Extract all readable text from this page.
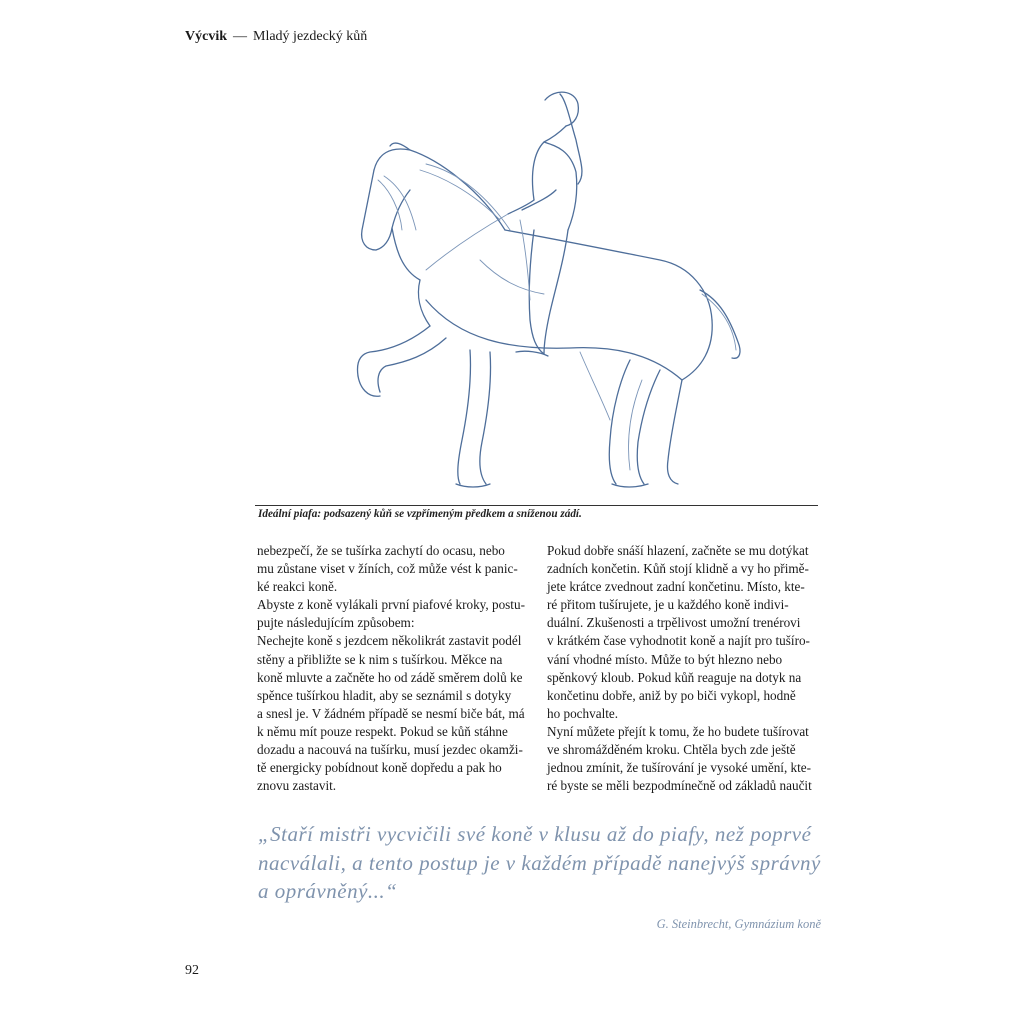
Výcvik — Mladý jezdecký kůň
Ideální piafa: podsazený kůň se vzpřímeným předkem a sníženou zádí.
nebezpečí, že se tušírka zachytí do ocasu, nebo
mu zůstane viset v žíních, což může vést k panic-
ké reakci koně.
Abyste z koně vylákali první piafové kroky, postu-
pujte následujícím způsobem:
Nechejte koně s jezdcem několikrát zastavit podél
stěny a přibližte se k nim s tušírkou. Měkce na
koně mluvte a začněte ho od zádě směrem dolů ke
spěnce tušírkou hladit, aby se seznámil s dotyky
a snesl je. V žádném případě se nesmí biče bát, má
k němu mít pouze respekt. Pokud se kůň stáhne
dozadu a nacouvá na tušírku, musí jezdec okamži-
tě energicky pobídnout koně dopředu a pak ho
znovu zastavit.
Pokud dobře snáší hlazení, začněte se mu dotýkat
zadních končetin. Kůň stojí klidně a vy ho přimě-
jete krátce zvednout zadní končetinu. Místo, kte-
ré přitom tušírujete, je u každého koně indivi-
duální. Zkušenosti a trpělivost umožní trenérovi
v krátkém čase vyhodnotit koně a najít pro tušíro-
vání vhodné místo. Může to být hlezno nebo
spěnkový kloub. Pokud kůň reaguje na dotyk na
končetinu dobře, aniž by po biči vykopl, hodně
ho pochvalte.
Nyní můžete přejít k tomu, že ho budete tušírovat
ve shromážděném kroku. Chtěla bych zde ještě
jednou zmínit, že tušírování je vysoké umění, kte-
ré byste se měli bezpodmínečně od základů naučit
„Staří mistři vycvičili své koně v klusu až do piafy, než poprvé
nacválali, a tento postup je v každém případě nanejvýš správný
a oprávněný...“
G. Steinbrecht, Gymnázium koně
92
